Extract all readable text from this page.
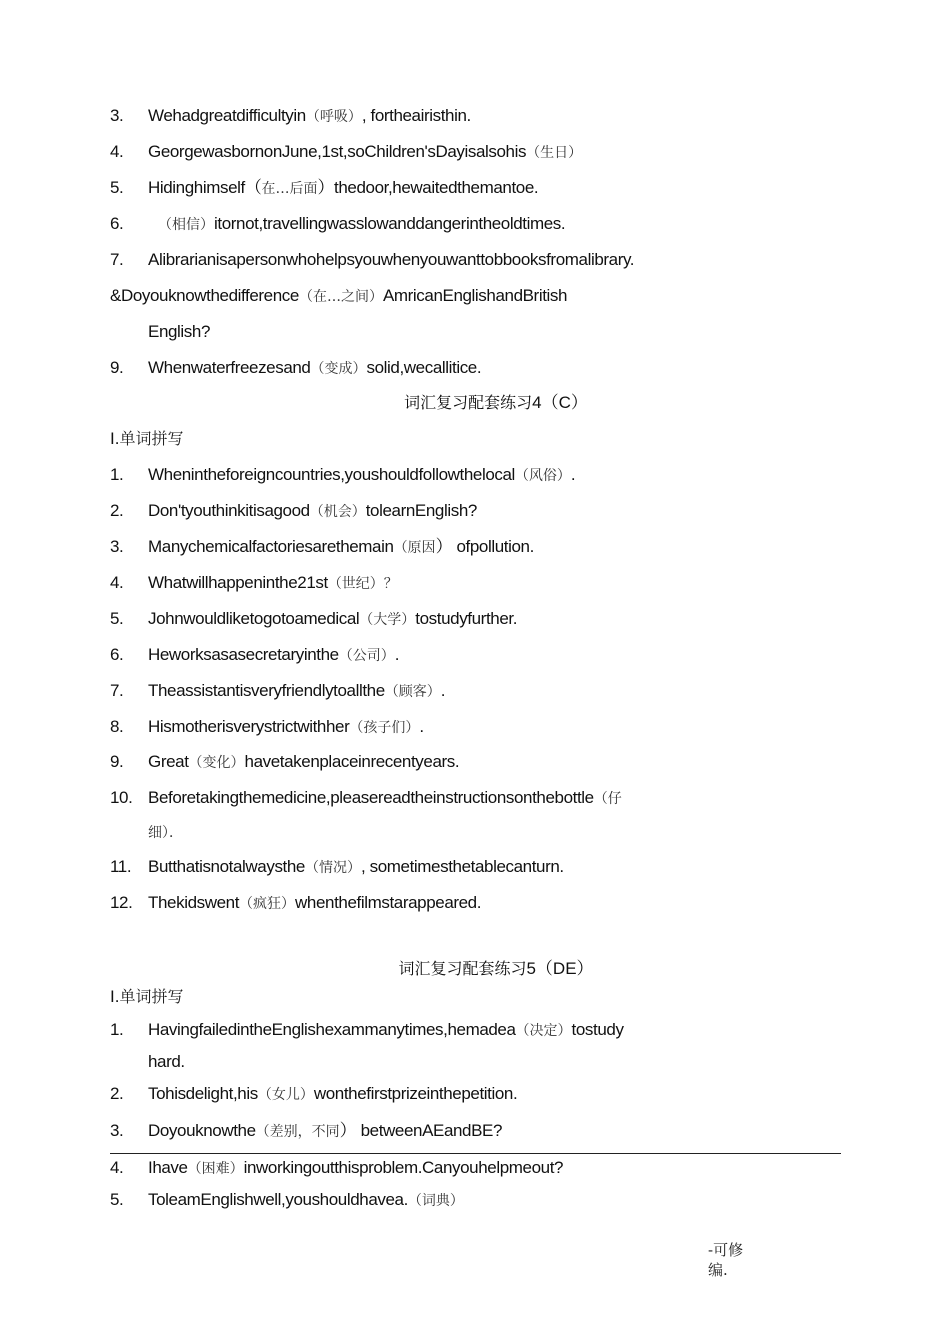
3. Wehadgreatdifficultyin（呼吸）, fortheairisthin.
4. GeorgewasbornonJune,1st,soChildren'sDayisalsohis（生日）
5. Hidinghimself（在…后面）thedoor,hewaitedthemantoe.
6. （相信）itornot,travellingwasslowanddangerintheoldtimes.
7. Alibrarianisapersonwhohelpsyouwhenyouwanttobbooksfromalibrary.
&Doyouknowthedifference（在…之间）AmricanEnglishandBritish
English?
9. Whenwaterfreezesand（变成）solid,wecallitice.
词汇复习配套练习4（C）
I.单词拼写
1. Whenintheforeigncountries,youshouldfollowthelocal（风俗）.
2. Don'tyouthinkitisagood（机会）tolearnEnglish?
3. Manychemicalfactoriesarethemain（原因） ofpollution.
4. Whatwillhappeninthe21st（世纪）？
5. Johnwouldliketogotoamedical（大学）tostudyfurther.
6. Heworksasasecretaryinthe（公司）.
7. Theassistantisveryfriendlytoallthe（顾客）.
8. Hismotherisverystrictwithher（孩子们）.
9. Great（变化）havetakenplaceinrecentyears.
10. Beforetakingthemedicine,pleasereadtheinstructionsonthebottle（仔
细）．
11. Butthatisnotalwaysthe（情况）, sometimesthetablecanturn.
12. Thekidswent（疯狂）whenthefilmstarappeared.
词汇复习配套练习5（DE）
I.单词拼写
1. HavingfailedintheEnglishexammanytimes,hemadea（决定）tostudy
hard.
2. Tohisdelight,his（女儿）wonthefirstprizeinthepetition.
3. Doyouknowthe（差别，不同） betweenAEandBE?
4. Ihave（困难）inworkingoutthisproblem.Canyouhelpmeout?
5. ToleamEnglishwell,youshouldhavea.（词典）
-可修
编.
